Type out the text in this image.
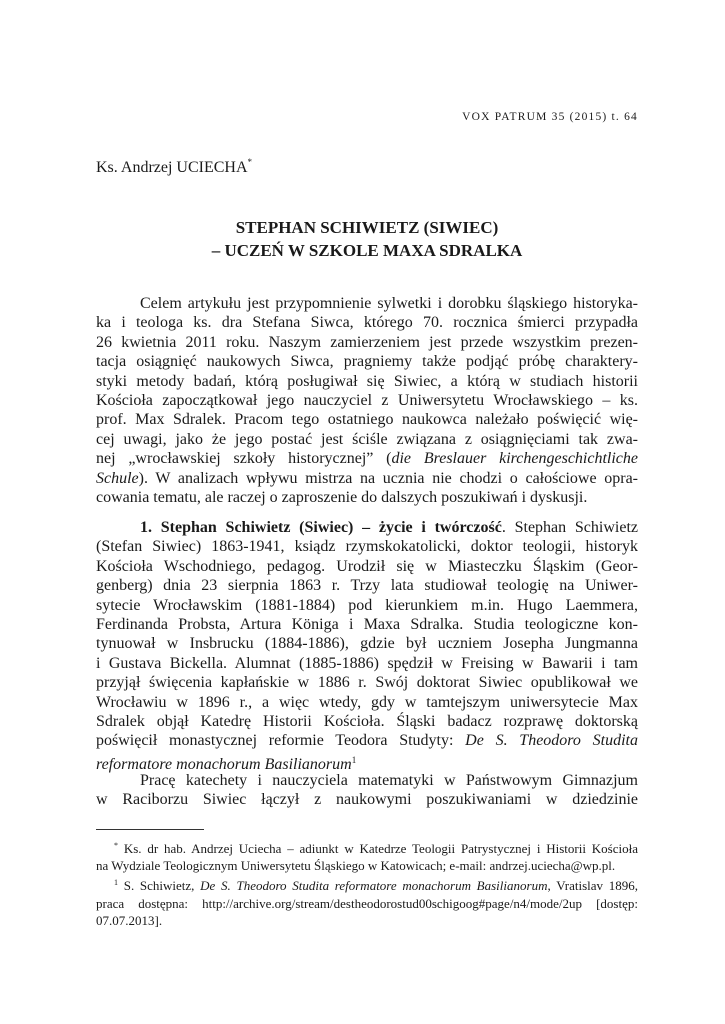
VOX PATRUM 35 (2015) t. 64
Ks. Andrzej UCIECHA*
STEPHAN SCHIWIETZ (SIWIEC)
– UCZEŃ W SZKOLE MAXA SDRALKA

Celem artykułu jest przypomnienie sylwetki i dorobku śląskiego historyka-
ka i teologa ks. dra Stefana Siwca, którego 70. rocznica śmierci przypadła
26 kwietnia 2011 roku. Naszym zamierzeniem jest przede wszystkim prezen-
tacja osiągnięć naukowych Siwca, pragniemy także podjąć próbę charaktery-
styki metody badań, którą posługiwał się Siwiec, a którą w studiach historii
Kościoła zapoczątkował jego nauczyciel z Uniwersytetu Wrocławskiego – ks.
prof. Max Sdralek. Pracom tego ostatniego naukowca należało poświęcić wię-
cej uwagi, jako że jego postać jest ściśle związana z osiągnięciami tak zwa-
nej „wrocławskiej szkoły historycznej” (die Breslauer kirchengeschichtliche
Schule). W analizach wpływu mistrza na ucznia nie chodzi o całościowe opra-
cowania tematu, ale raczej o zaproszenie do dalszych poszukiwań i dyskusji.

1. Stephan Schiwietz (Siwiec) – życie i twórczość. Stephan Schiwietz
(Stefan Siwiec) 1863-1941, ksiądz rzymskokatolicki, doktor teologii, historyk
Kościoła Wschodniego, pedagog. Urodził się w Miasteczku Śląskim (Geor-
genberg) dnia 23 sierpnia 1863 r. Trzy lata studiował teologię na Uniwer-
sytecie Wrocławskim (1881-1884) pod kierunkiem m.in. Hugo Laemmera,
Ferdinanda Probsta, Artura Königa i Maxa Sdralka. Studia teologiczne kon-
tynuował w Insbrucku (1884-1886), gdzie był uczniem Josepha Jungmanna
i Gustava Bickella. Alumnat (1885-1886) spędził w Freising w Bawarii i tam
przyjął święcenia kapłańskie w 1886 r. Swój doktorat Siwiec opublikował we
Wrocławiu w 1896 r., a więc wtedy, gdy w tamtejszym uniwersytecie Max
Sdralek objął Katedrę Historii Kościoła. Śląski badacz rozprawę doktorską
poświęcił monastycznej reformie Teodora Studyty: De S. Theodoro Studita
reformatore monachorum Basilianorum$^1$

Pracę katechety i nauczyciela matematyki w Państwowym Gimnazjum
w Raciborzu Siwiec łączył z naukowymi poszukiwaniami w dziedzinie

* Ks. dr hab. Andrzej Uciecha – adiunkt w Katedrze Teologii Patrystycznej i Historii Kościoła
na Wydziale Teologicznym Uniwersytetu Śląskiego w Katowicach; e-mail: andrzej.uciecha@wp.pl.
$^1$ S. Schiwietz, De S. Theodoro Studita reformatore monachorum Basilianorum, Vratislav 1896,
praca dostępna: http://archive.org/stream/destheodorostud00schigoog#page/n4/mode/2up [dostęp:
07.07.2013].
